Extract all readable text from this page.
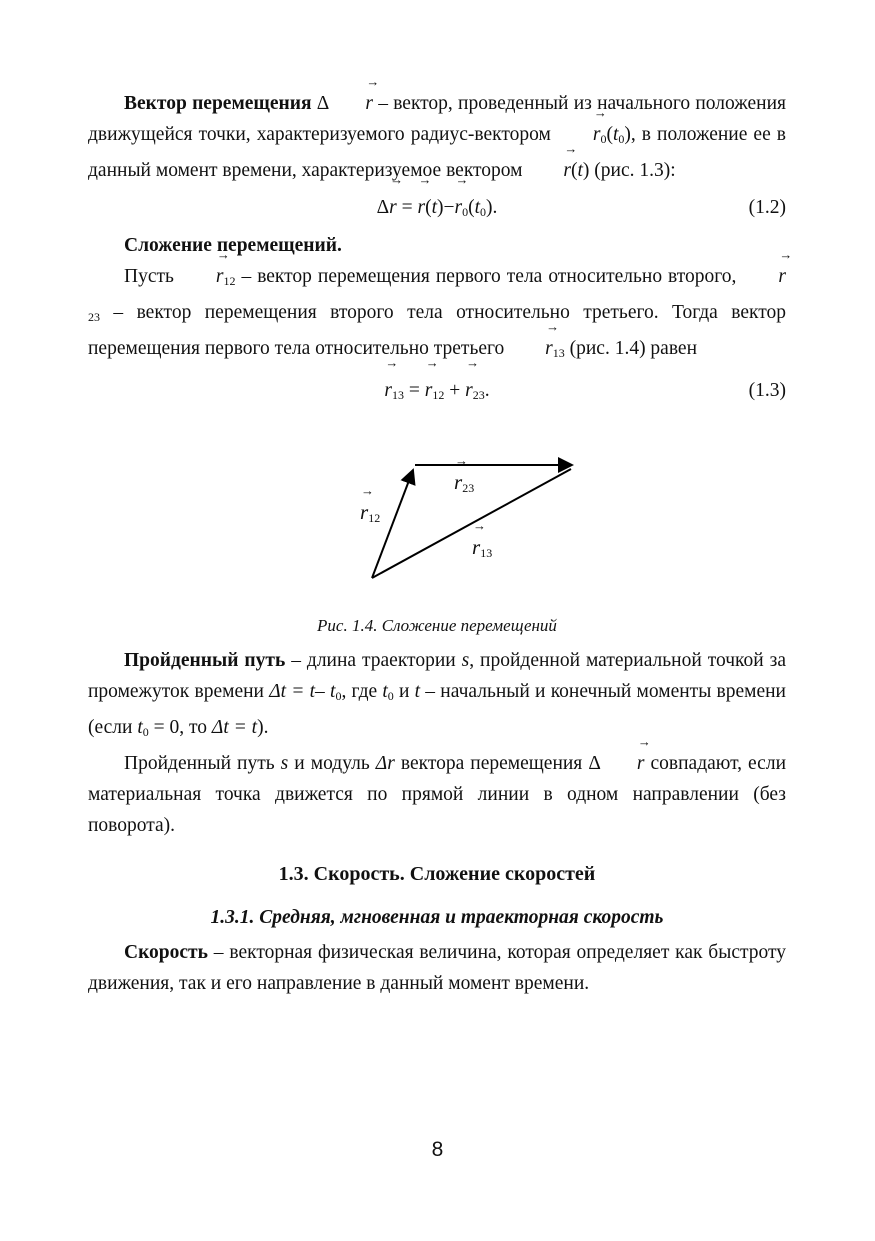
Вектор перемещения Δ → r – вектор, проведенный из начального положения движущейся точки, характеризуемого радиус-вектором → $r_0(t_0)$, в положение ее в данный момент времени, характеризуемое вектором → r(t) (рис. 1.3):

Δ→ r = → $r(t)-\to r_0(t_0)$.	(1.2)

Сложение перемещений.

Пусть → $r_{12}$ – вектор перемещения первого тела относительно второго, → $r_{23}$ – вектор перемещения второго тела относительно третьего. Тогда вектор перемещения первого тела относительно третьего → $r_{13}$ (рис. 1.4) равен

→ $r_{13}$ = → $r_{12}$ + → $r_{23}$.	(1.3)
→ $r_{12}$
→ $r_{23}$
→ $r_{13}$
Рис. 1.4. Сложение перемещений

Пройденный путь – длина траектории s, пройденной материальной точкой за промежуток времени Δt = t– $t_0$, где $t_0$ и t – начальный и конечный моменты времени (если $t_0 = 0$, то Δt = t).

Пройденный путь s и модуль Δr вектора перемещения Δ → r совпадают, если материальная точка движется по прямой линии в одном направлении (без поворота).

1.3. Скорость. Сложение скоростей
1.3.1. Средняя, мгновенная и траекторная скорость

Скорость – векторная физическая величина, которая определяет как быстроту движения, так и его направление в данный момент времени.

8
